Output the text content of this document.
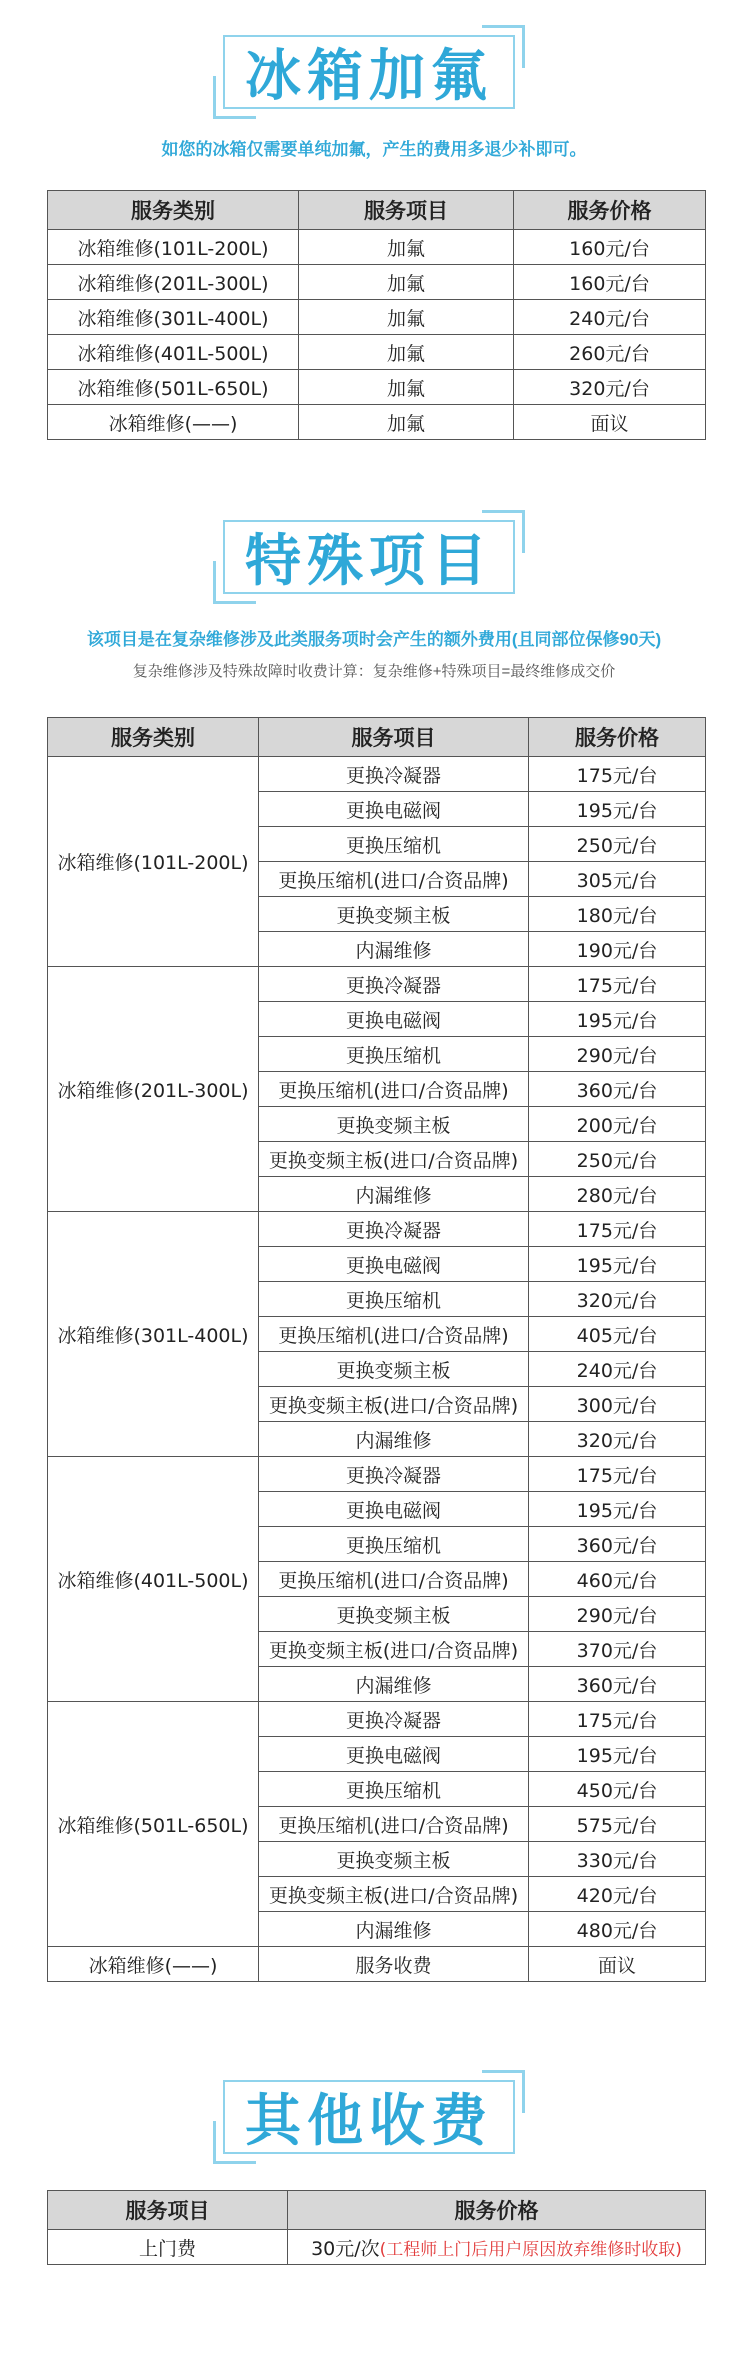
冰箱加氟
如您的冰箱仅需要单纯加氟，产生的费用多退少补即可。
服务类别	服务项目	服务价格
冰箱维修(101L-200L)	加氟	160元/台
冰箱维修(201L-300L)	加氟	160元/台
冰箱维修(301L-400L)	加氟	240元/台
冰箱维修(401L-500L)	加氟	260元/台
冰箱维修(501L-650L)	加氟	320元/台
冰箱维修(——)	加氟	面议
特殊项目
该项目是在复杂维修涉及此类服务项时会产生的额外费用(且同部位保修90天)
复杂维修涉及特殊故障时收费计算：复杂维修+特殊项目=最终维修成交价
服务类别	服务项目	服务价格
冰箱维修(101L-200L)	更换冷凝器	175元/台
	更换电磁阀	195元/台
	更换压缩机	250元/台
	更换压缩机(进口/合资品牌)	305元/台
	更换变频主板	180元/台
	内漏维修	190元/台
冰箱维修(201L-300L)	更换冷凝器	175元/台
	更换电磁阀	195元/台
	更换压缩机	290元/台
	更换压缩机(进口/合资品牌)	360元/台
	更换变频主板	200元/台
	更换变频主板(进口/合资品牌)	250元/台
	内漏维修	280元/台
冰箱维修(301L-400L)	更换冷凝器	175元/台
	更换电磁阀	195元/台
	更换压缩机	320元/台
	更换压缩机(进口/合资品牌)	405元/台
	更换变频主板	240元/台
	更换变频主板(进口/合资品牌)	300元/台
	内漏维修	320元/台
冰箱维修(401L-500L)	更换冷凝器	175元/台
	更换电磁阀	195元/台
	更换压缩机	360元/台
	更换压缩机(进口/合资品牌)	460元/台
	更换变频主板	290元/台
	更换变频主板(进口/合资品牌)	370元/台
	内漏维修	360元/台
冰箱维修(501L-650L)	更换冷凝器	175元/台
	更换电磁阀	195元/台
	更换压缩机	450元/台
	更换压缩机(进口/合资品牌)	575元/台
	更换变频主板	330元/台
	更换变频主板(进口/合资品牌)	420元/台
	内漏维修	480元/台
冰箱维修(——)	服务收费	面议
其他收费
服务项目	服务价格
上门费	30元/次(工程师上门后用户原因放弃维修时收取)
